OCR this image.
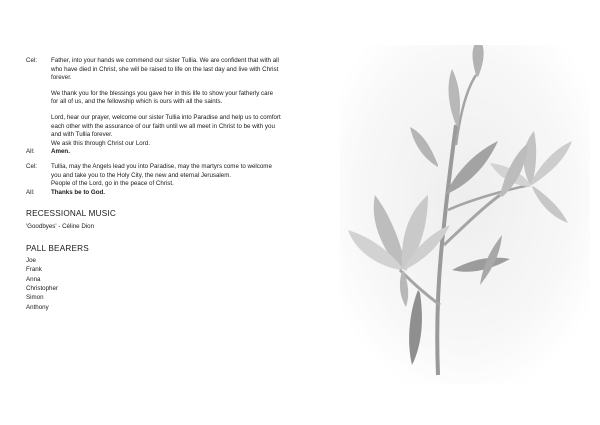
Cel:	Father, into your hands we commend our sister Tullia. We are confident that with all who have died in Christ, she will be raised to life on the last day and live with Christ forever.
We thank you for the blessings you gave her in this life to show your fatherly care for all of us, and the fellowship which is ours with all the saints.
Lord, hear our prayer, welcome our sister Tullia into Paradise and help us to comfort each other with the assurance of our faith until we all meet in Christ to be with you and with Tullia forever.
We ask this through Christ our Lord.
All:	Amen.
Cel:	Tullia, may the Angels lead you into Paradise, may the martyrs come to welcome you and take you to the Holy City, the new and eternal Jerusalem.
People of the Lord, go in the peace of Christ.
All:	Thanks be to God.
RECESSIONAL MUSIC
'Goodbyes' - Céline Dion
PALL BEARERS
Joe
Frank
Anna
Christopher
Simon
Anthony
